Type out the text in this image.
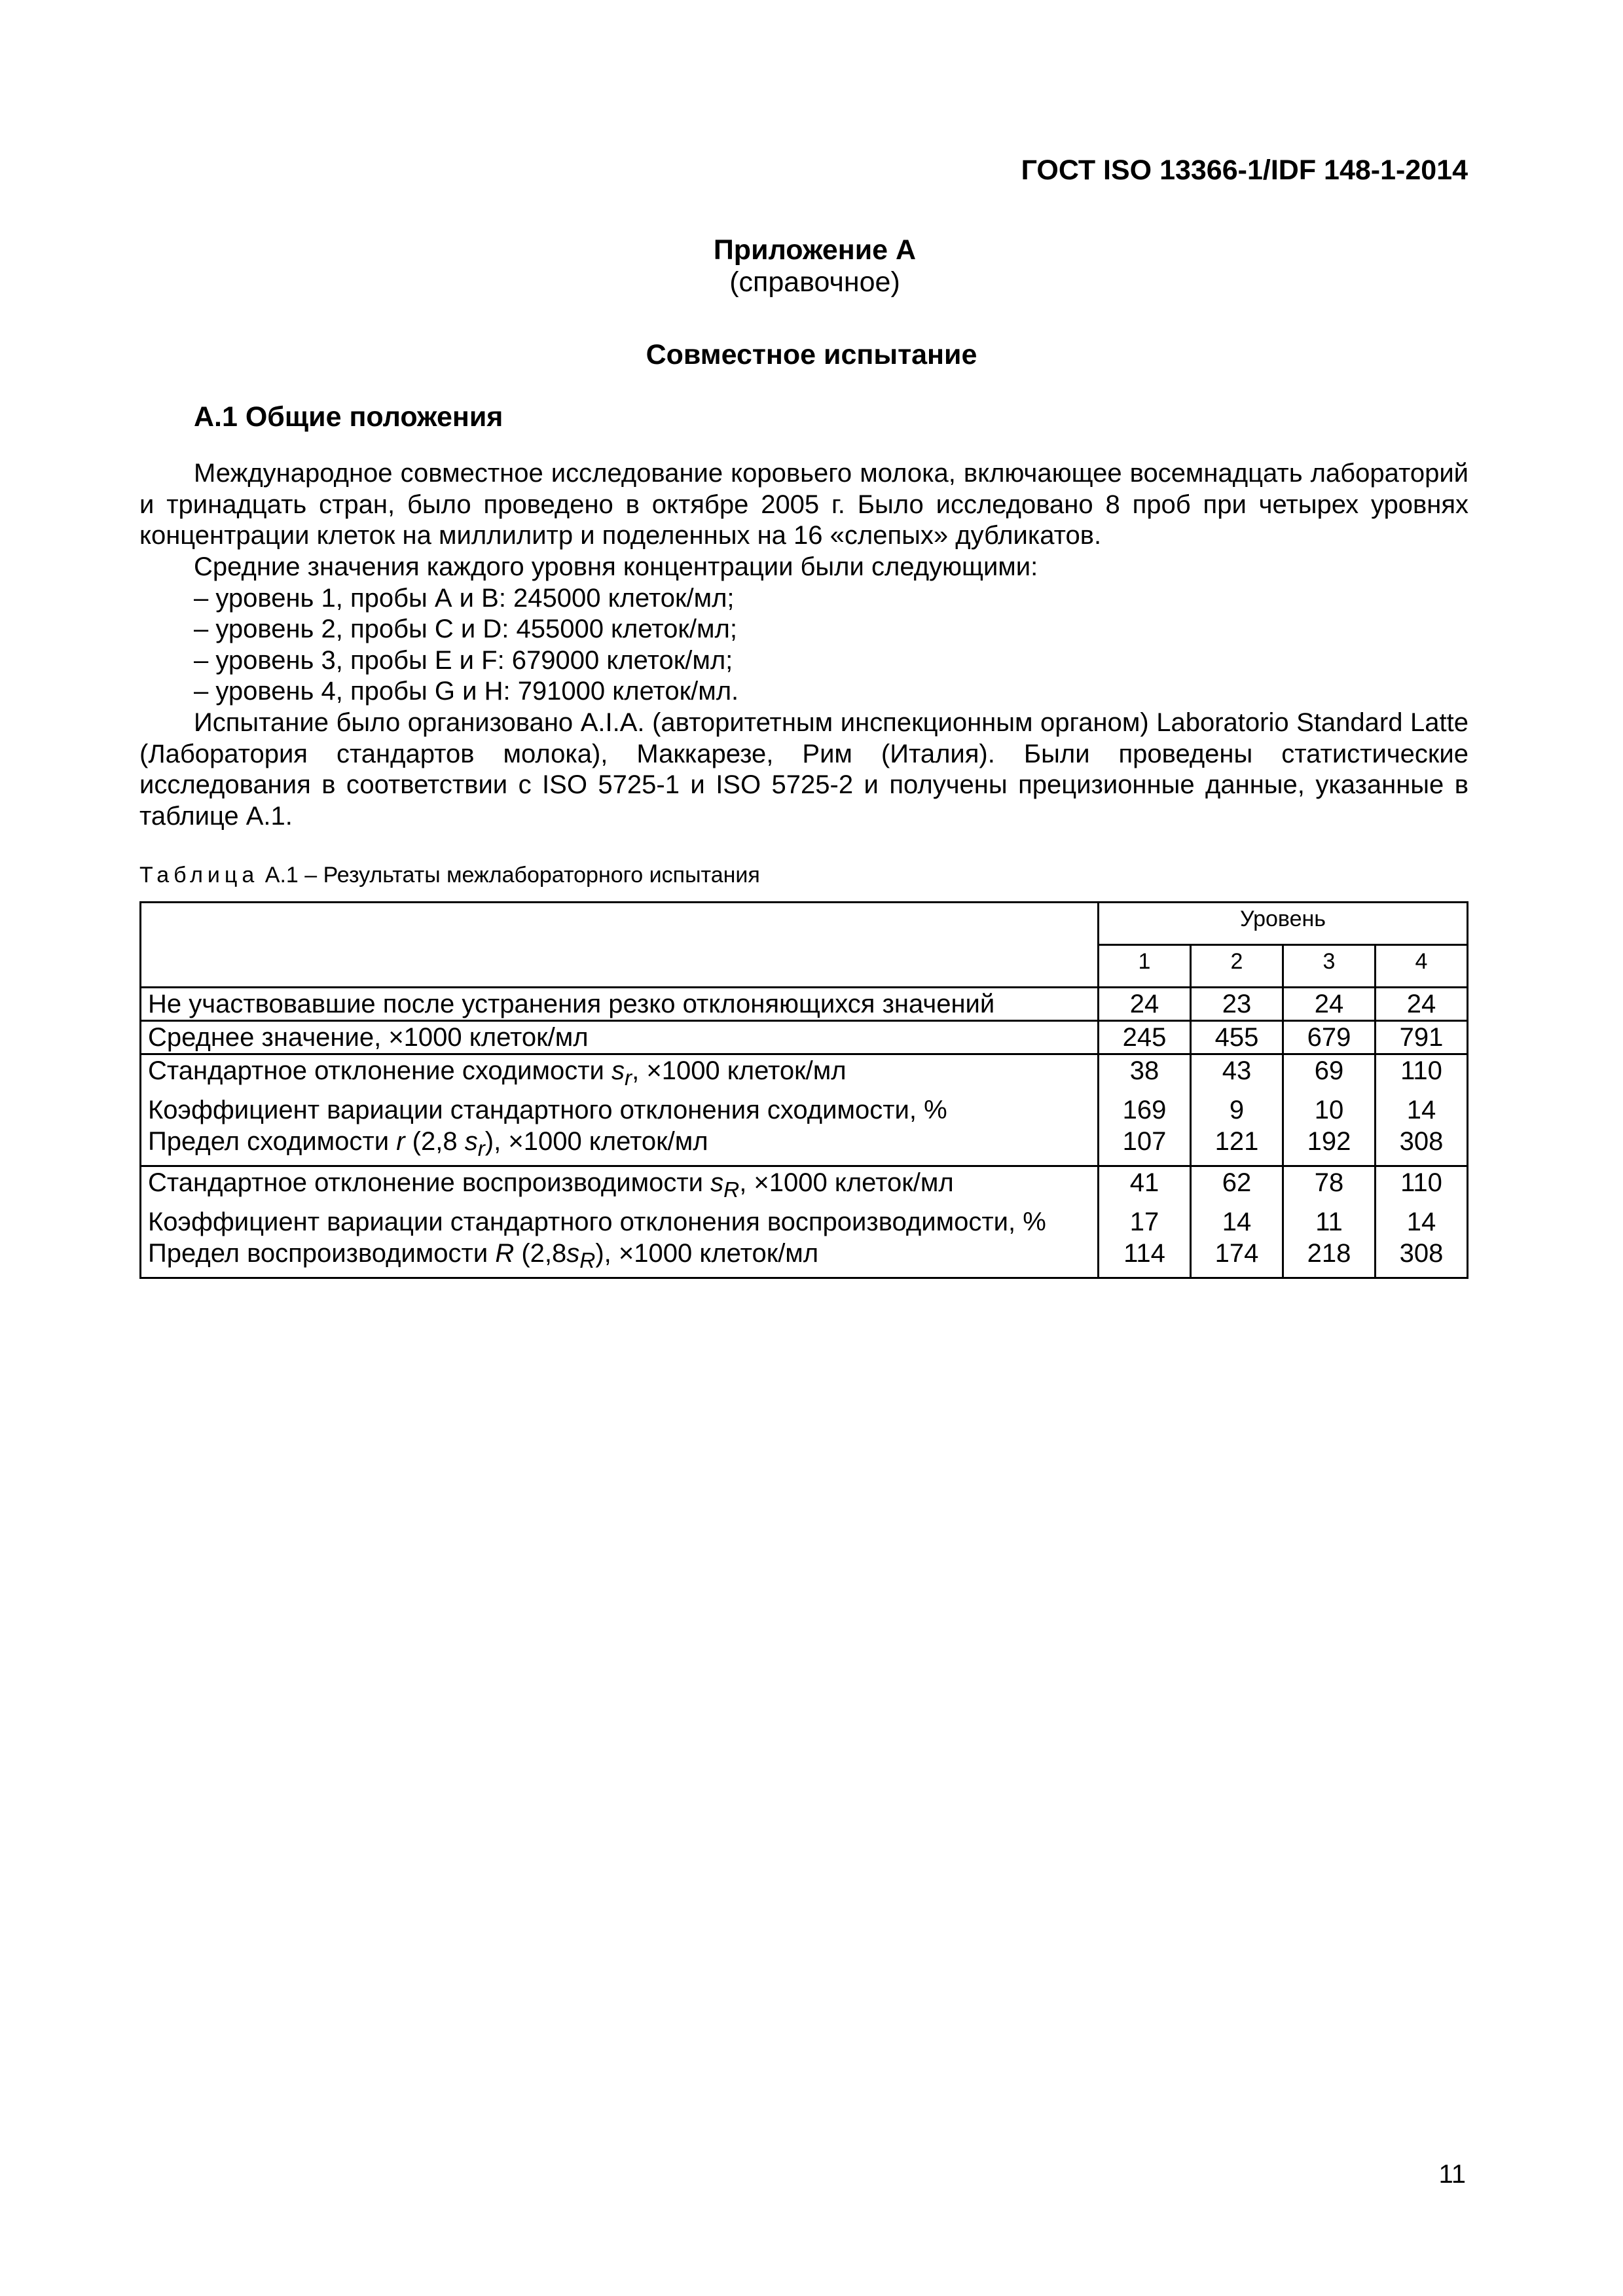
ГОСТ ISO 13366-1/IDF 148-1-2014
Приложение А
(справочное)
Совместное испытание
А.1 Общие положения
Международное совместное исследование коровьего молока, включающее восемнадцать лабораторий и тринадцать стран, было проведено в октябре 2005 г. Было исследовано 8 проб при четырех уровнях концентрации клеток на миллилитр и поделенных на 16 «слепых» дубликатов.
Средние значения каждого уровня концентрации были следующими:
– уровень 1, пробы А и В: 245000 клеток/мл;
– уровень 2, пробы С и D: 455000 клеток/мл;
– уровень 3, пробы Е и F: 679000 клеток/мл;
– уровень 4, пробы G и Н: 791000 клеток/мл.
Испытание было организовано A.I.A. (авторитетным инспекционным органом) Laboratorio Standard Latte (Лаборатория стандартов молока), Маккарезе, Рим (Италия). Были проведены статистические исследования в соответствии с ISO 5725-1 и ISO 5725-2 и получены прецизионные данные, указанные в таблице А.1.
Таблица А.1 – Результаты межлабораторного испытания
	Уровень			
	1	2	3	4
Не участвовавшие после устранения резко отклоняющихся значений	24	23	24	24
Среднее значение, ×1000 клеток/мл	245	455	679	791
Стандартное отклонение сходимости $s_r$, ×1000 клеток/мл	38	43	69	110
Коэффициент вариации стандартного отклонения сходимости, %	169	9	10	14
Предел сходимости r (2,8 $s_r$), ×1000 клеток/мл	107	121	192	308
Стандартное отклонение воспроизводимости $s_R$, ×1000 клеток/мл	41	62	78	110
Коэффициент вариации стандартного отклонения воспроизводимости, %	17	14	11	14
Предел воспроизводимости R $(2,8s_R)$, ×1000 клеток/мл	114	174	218	308
11
